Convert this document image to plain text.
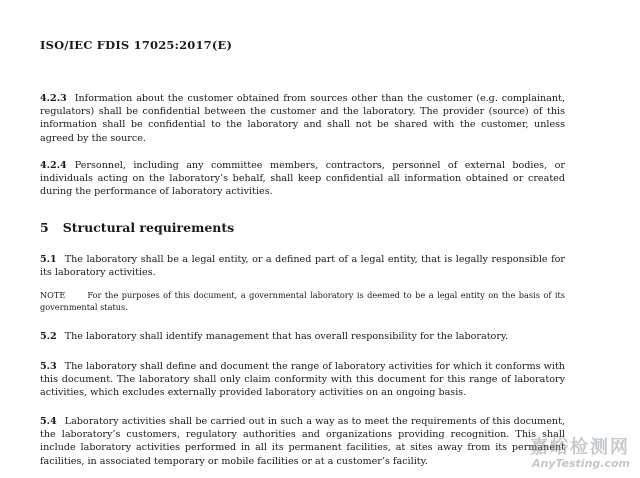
ISO/IEC FDIS 17025:2017(E)
4.2.3 Information about the customer obtained from sources other than the customer (e.g. complainant, regulators) shall be confidential between the customer and the laboratory. The provider (source) of this information shall be confidential to the laboratory and shall not be shared with the customer, unless agreed by the source.
4.2.4 Personnel, including any committee members, contractors, personnel of external bodies, or individuals acting on the laboratory’s behalf, shall keep confidential all information obtained or created during the performance of laboratory activities.
5 Structural requirements
5.1 The laboratory shall be a legal entity, or a defined part of a legal entity, that is legally responsible for its laboratory activities.
NOTE	For the purposes of this document, a governmental laboratory is deemed to be a legal entity on the basis of its governmental status.
5.2 The laboratory shall identify management that has overall responsibility for the laboratory.
5.3 The laboratory shall define and document the range of laboratory activities for which it conforms with this document. The laboratory shall only claim conformity with this document for this range of laboratory activities, which excludes externally provided laboratory activities on an ongoing basis.
5.4 Laboratory activities shall be carried out in such a way as to meet the requirements of this document, the laboratory’s customers, regulatory authorities and organizations providing recognition. This shall include laboratory activities performed in all its permanent facilities, at sites away from its permanent facilities, in associated temporary or mobile facilities or at a customer’s facility.
嘉峪检测网
AnyTesting.com
